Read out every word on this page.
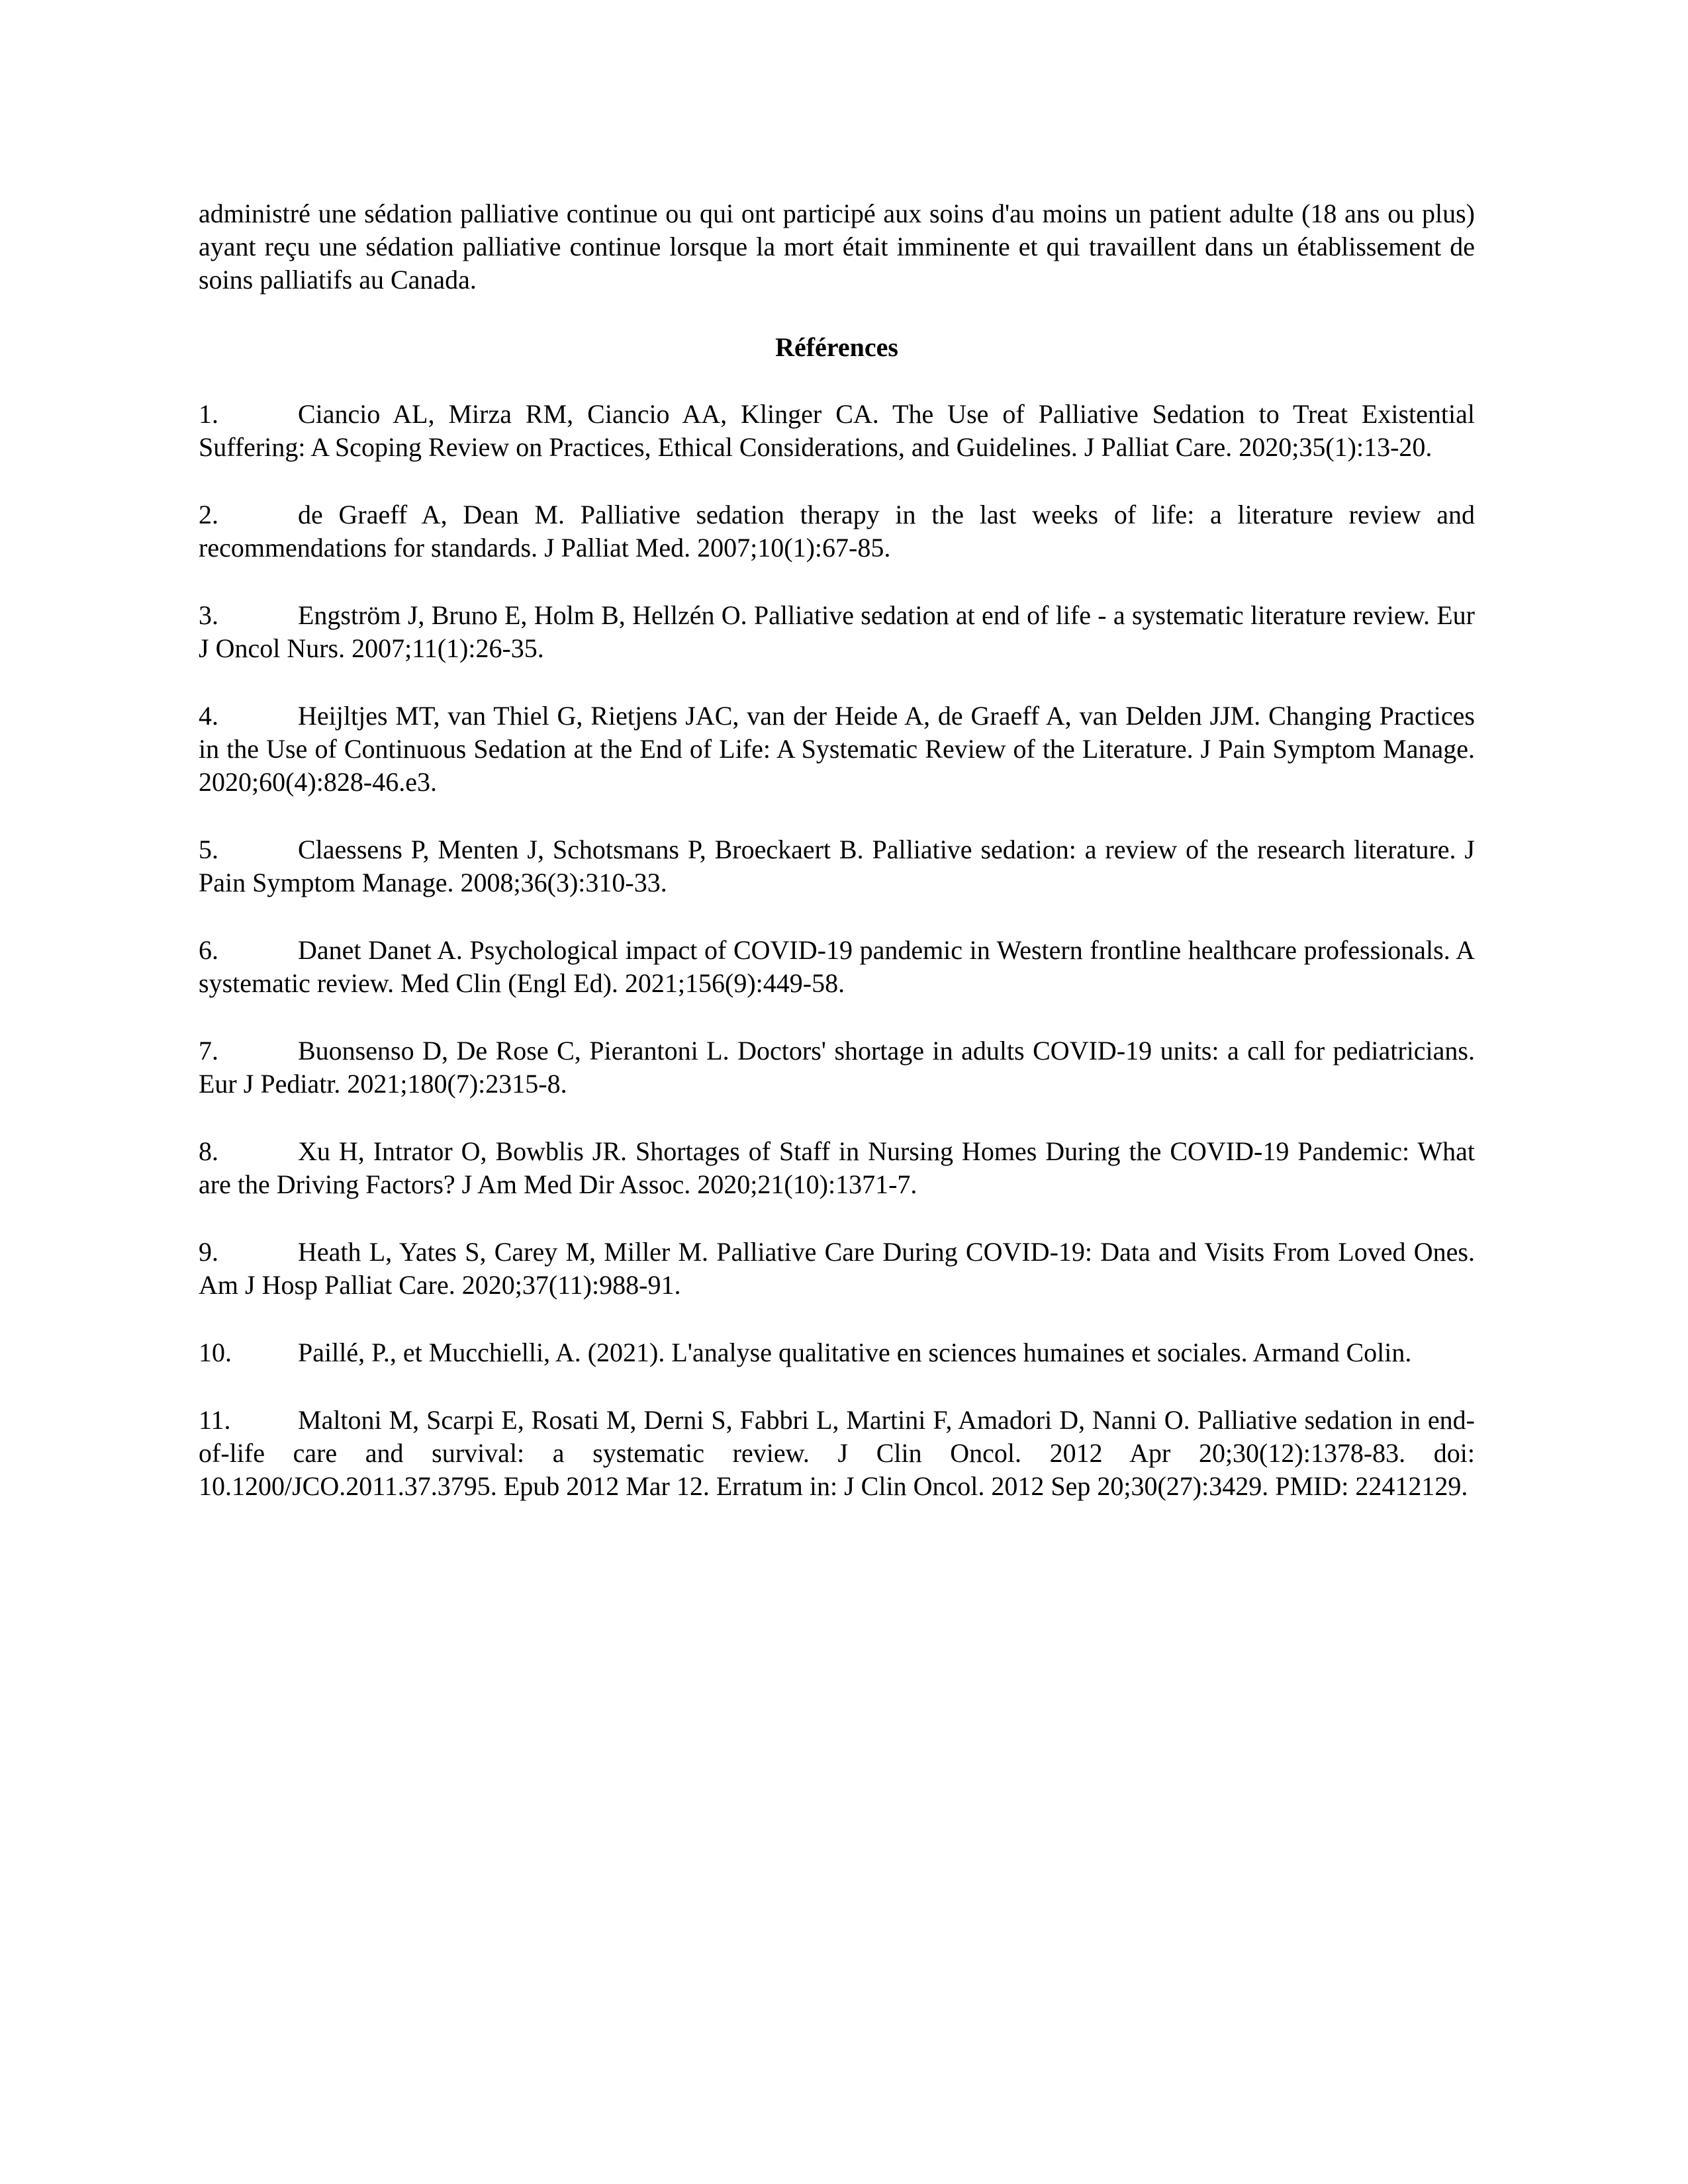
administré une sédation palliative continue ou qui ont participé aux soins d'au moins un patient adulte (18 ans ou plus) ayant reçu une sédation palliative continue lorsque la mort était imminente et qui travaillent dans un établissement de soins palliatifs au Canada.

Références

1.	Ciancio AL, Mirza RM, Ciancio AA, Klinger CA. The Use of Palliative Sedation to Treat Existential Suffering: A Scoping Review on Practices, Ethical Considerations, and Guidelines. J Palliat Care. 2020;35(1):13-20.

2.	de Graeff A, Dean M. Palliative sedation therapy in the last weeks of life: a literature review and recommendations for standards. J Palliat Med. 2007;10(1):67-85.

3.	Engström J, Bruno E, Holm B, Hellzén O. Palliative sedation at end of life - a systematic literature review. Eur J Oncol Nurs. 2007;11(1):26-35.

4.	Heijltjes MT, van Thiel G, Rietjens JAC, van der Heide A, de Graeff A, van Delden JJM. Changing Practices in the Use of Continuous Sedation at the End of Life: A Systematic Review of the Literature. J Pain Symptom Manage. 2020;60(4):828-46.e3.

5.	Claessens P, Menten J, Schotsmans P, Broeckaert B. Palliative sedation: a review of the research literature. J Pain Symptom Manage. 2008;36(3):310-33.

6.	Danet Danet A. Psychological impact of COVID-19 pandemic in Western frontline healthcare professionals. A systematic review. Med Clin (Engl Ed). 2021;156(9):449-58.

7.	Buonsenso D, De Rose C, Pierantoni L. Doctors' shortage in adults COVID-19 units: a call for pediatricians. Eur J Pediatr. 2021;180(7):2315-8.

8.	Xu H, Intrator O, Bowblis JR. Shortages of Staff in Nursing Homes During the COVID-19 Pandemic: What are the Driving Factors? J Am Med Dir Assoc. 2020;21(10):1371-7.

9.	Heath L, Yates S, Carey M, Miller M. Palliative Care During COVID-19: Data and Visits From Loved Ones. Am J Hosp Palliat Care. 2020;37(11):988-91.

10.	Paillé, P., et Mucchielli, A. (2021). L'analyse qualitative en sciences humaines et sociales. Armand Colin.

11.	Maltoni M, Scarpi E, Rosati M, Derni S, Fabbri L, Martini F, Amadori D, Nanni O. Palliative sedation in end-of-life care and survival: a systematic review. J Clin Oncol. 2012 Apr 20;30(12):1378-83. doi: 10.1200/JCO.2011.37.3795. Epub 2012 Mar 12. Erratum in: J Clin Oncol. 2012 Sep 20;30(27):3429. PMID: 22412129.
